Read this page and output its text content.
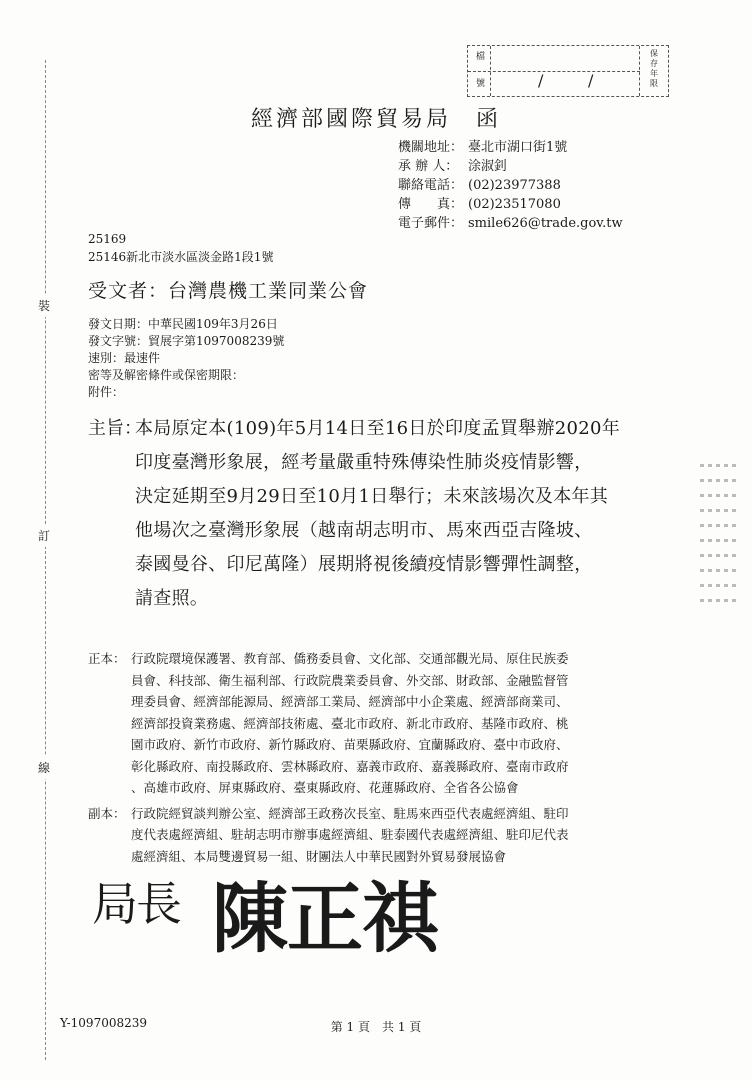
檔
號	/	/
保存年限
裝
訂
線
經濟部國際貿易局　函
機關地址： 臺北市湖口街1號
承 辦 人： 涂淑釗
聯絡電話： (02)23977388
傳　　真： (02)23517080
電子郵件： smile626@trade.gov.tw
25169
25146新北市淡水區淡金路1段1號
受文者：台灣農機工業同業公會
發文日期：中華民國109年3月26日
發文字號：貿展字第1097008239號
速別：最速件
密等及解密條件或保密期限：
附件：
主旨：
本局原定本(109)年5月14日至16日於印度孟買舉辦2020年
印度臺灣形象展，經考量嚴重特殊傳染性肺炎疫情影響，
決定延期至9月29日至10月1日舉行；未來該場次及本年其
他場次之臺灣形象展（越南胡志明市、馬來西亞吉隆坡、
泰國曼谷、印尼萬隆）展期將視後續疫情影響彈性調整，
請查照。
正本： 行政院環境保護署、教育部、僑務委員會、文化部、交通部觀光局、原住民族委
員會、科技部、衛生福利部、行政院農業委員會、外交部、財政部、金融監督管
理委員會、經濟部能源局、經濟部工業局、經濟部中小企業處、經濟部商業司、
經濟部投資業務處、經濟部技術處、臺北市政府、新北市政府、基隆市政府、桃
園市政府、新竹市政府、新竹縣政府、苗栗縣政府、宜蘭縣政府、臺中市政府、
彰化縣政府、南投縣政府、雲林縣政府、嘉義市政府、嘉義縣政府、臺南市政府
、高雄市政府、屏東縣政府、臺東縣政府、花蓮縣政府、全省各公協會
副本： 行政院經貿談判辦公室、經濟部王政務次長室、駐馬來西亞代表處經濟組、駐印
度代表處經濟組、駐胡志明市辦事處經濟組、駐泰國代表處經濟組、駐印尼代表
處經濟組、本局雙邊貿易一組、財團法人中華民國對外貿易發展協會
局長 陳正祺
Y-1097008239	第 1 頁　共 1 頁
